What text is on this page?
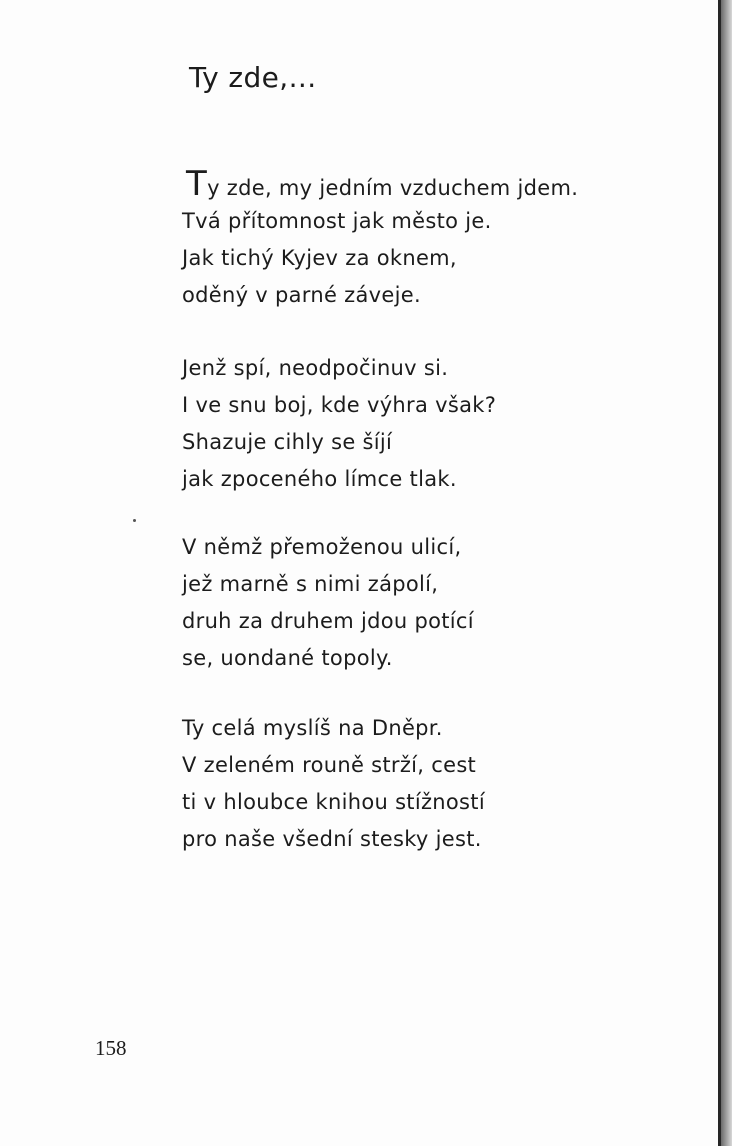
Ty zde,...
Ty zde, my jedním vzduchem jdem.
Tvá přítomnost jak město je.
Jak tichý Kyjev za oknem,
oděný v parné záveje.
Jenž spí, neodpočinuv si.
I ve snu boj, kde výhra však?
Shazuje cihly se šíjí
jak zpoceného límce tlak.
V němž přemoženou ulicí,
jež marně s nimi zápolí,
druh za druhem jdou potící
se, uondané topoly.
Ty celá myslíš na Dněpr.
V zeleném rouně strží, cest
ti v hloubce knihou stížností
pro naše všední stesky jest.
158
